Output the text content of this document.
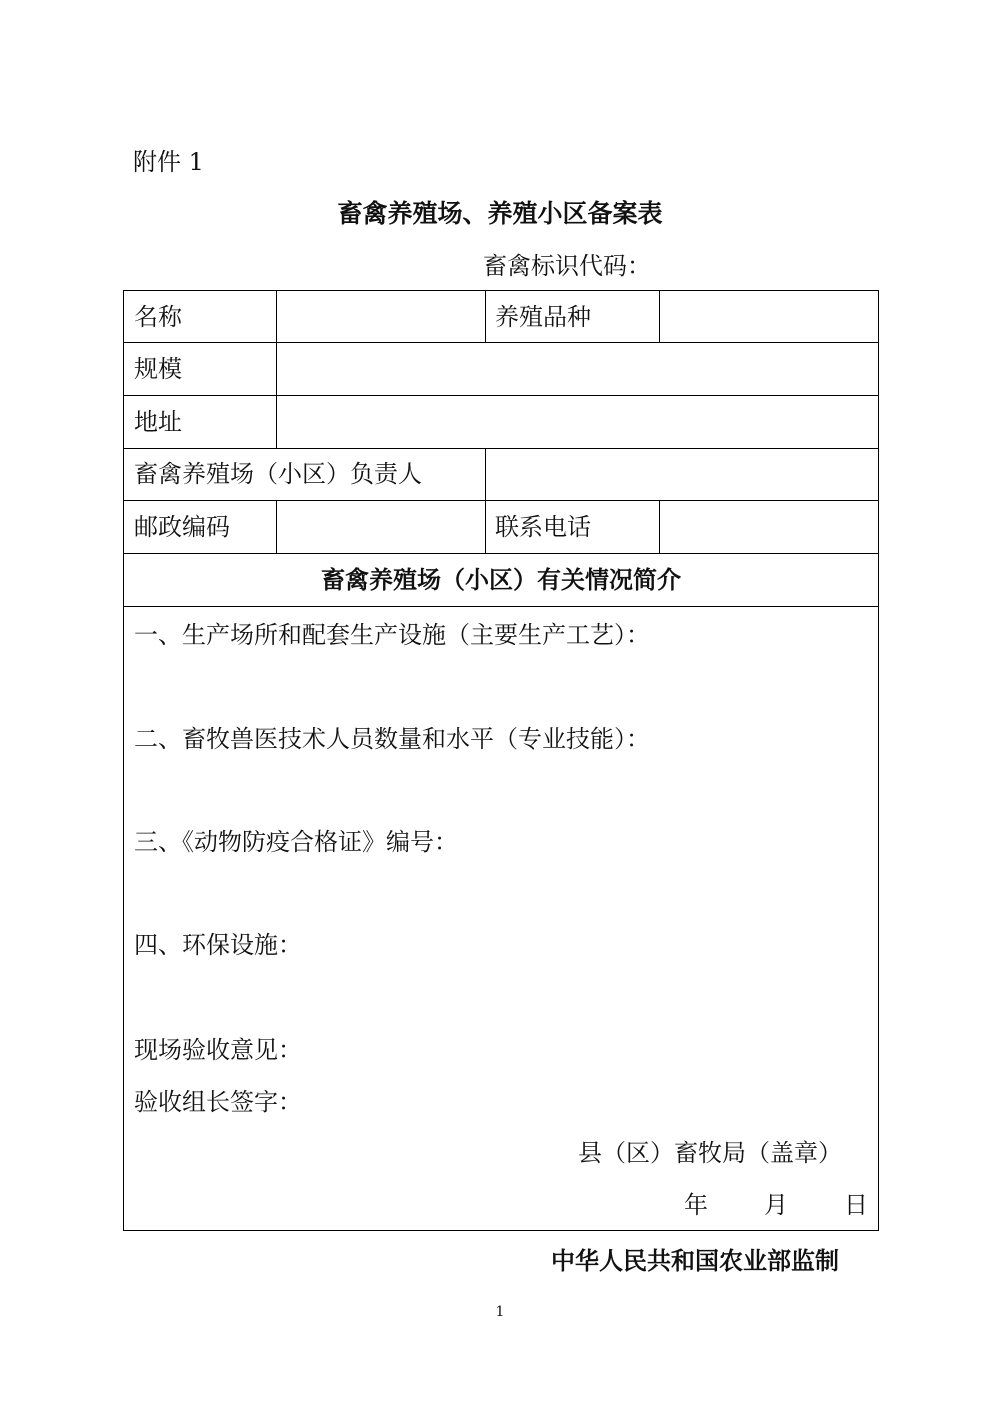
附件 1
畜禽养殖场、养殖小区备案表
畜禽标识代码：
名称	养殖品种
规模
地址
畜禽养殖场（小区）负责人
邮政编码	联系电话
畜禽养殖场（小区）有关情况简介
一、生产场所和配套生产设施（主要生产工艺）：
二、畜牧兽医技术人员数量和水平（专业技能）：
三、《动物防疫合格证》编号：
四、环保设施：
现场验收意见：
验收组长签字：
县（区）畜牧局（盖章）
年 月 日
中华人民共和国农业部监制
1
